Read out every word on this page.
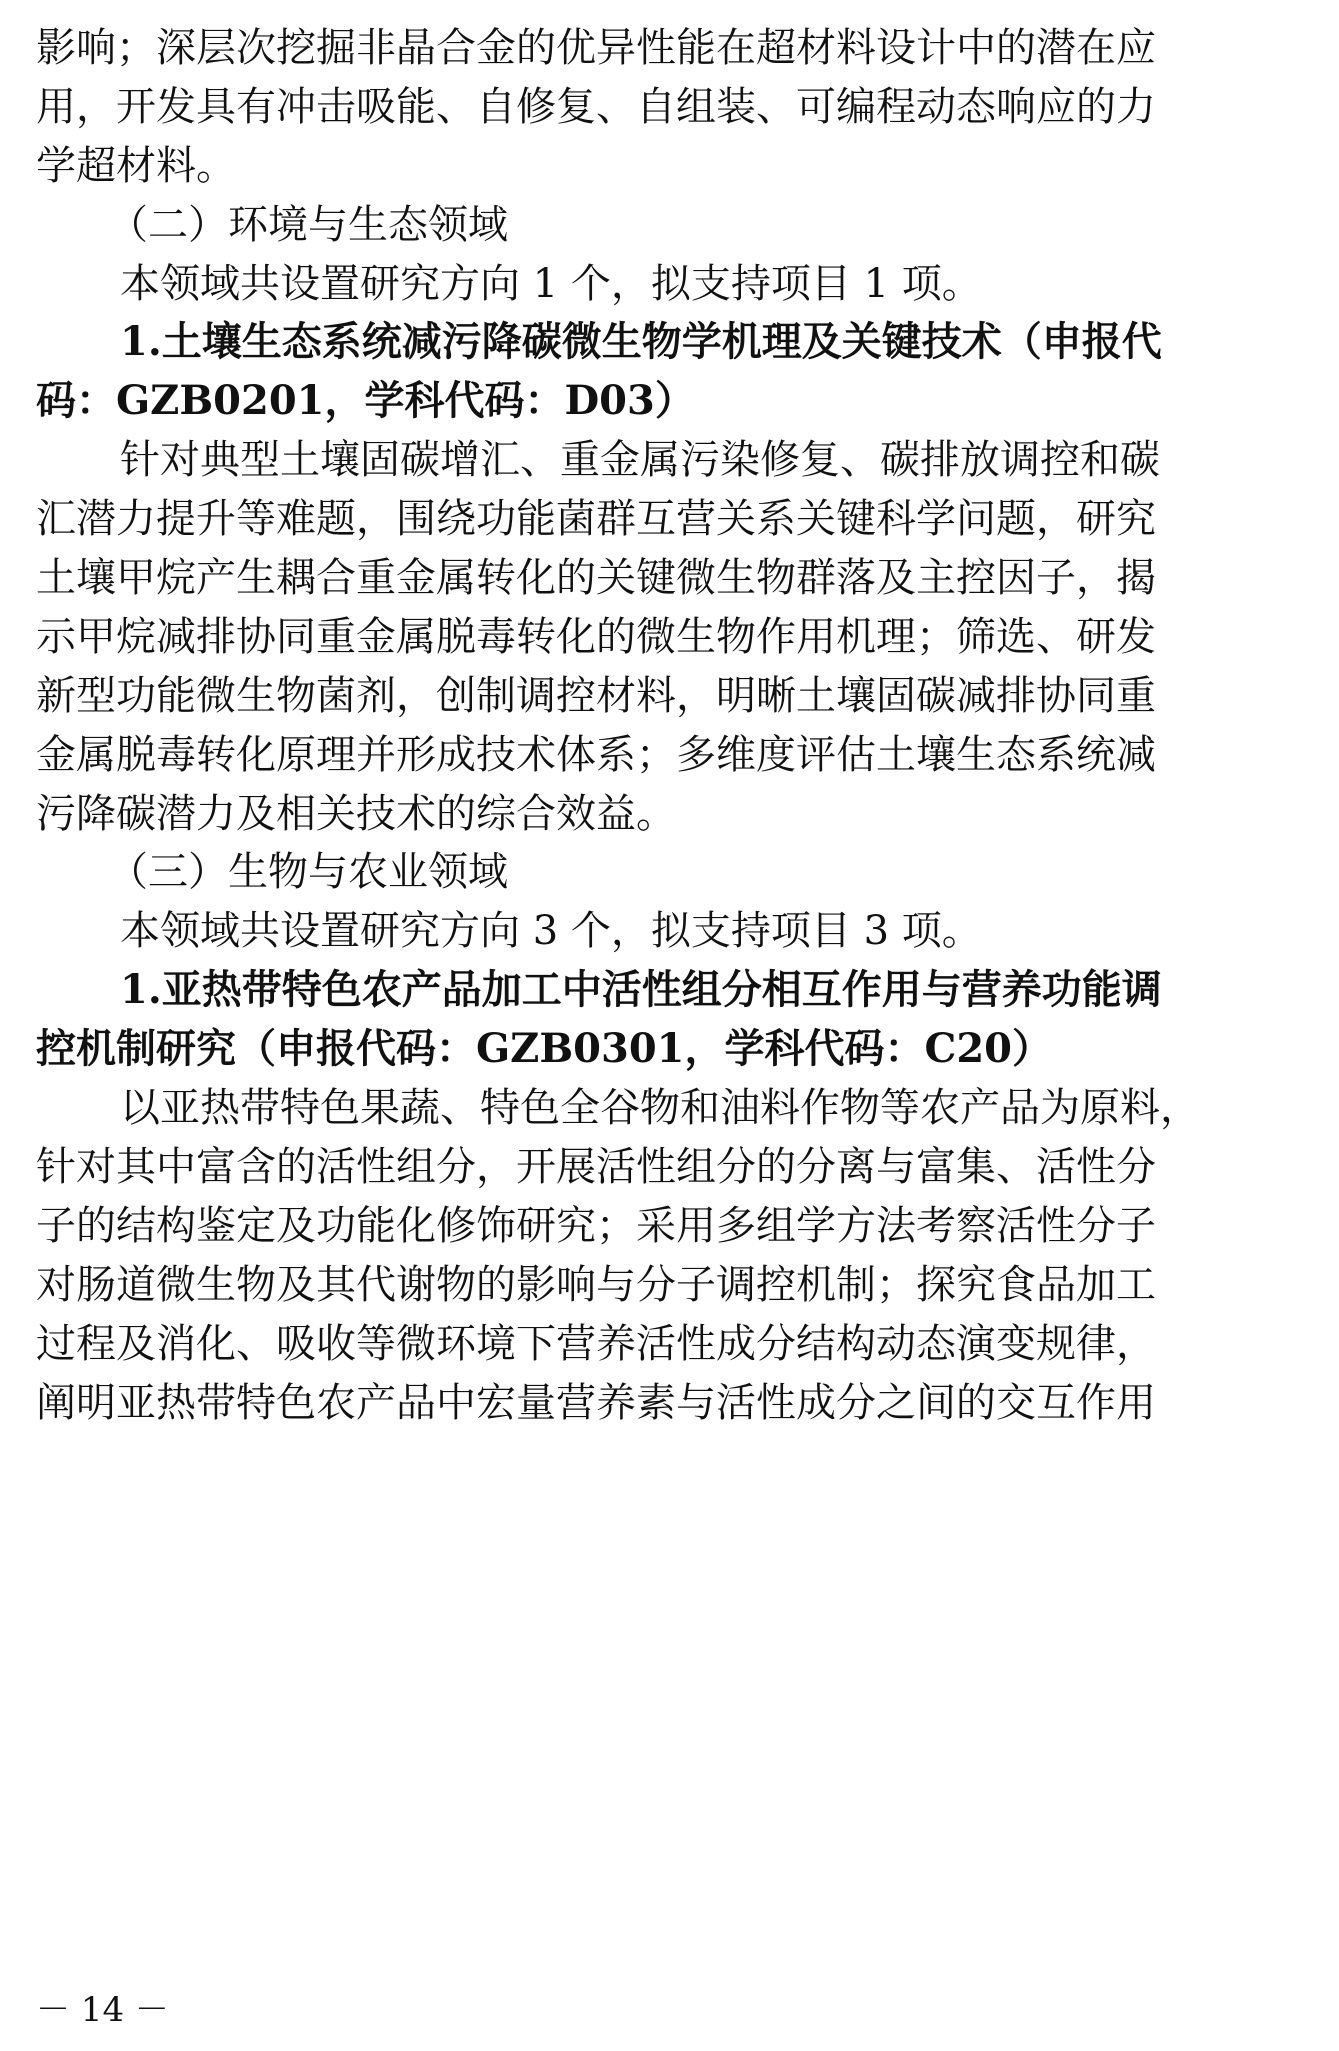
影响；深层次挖掘非晶合金的优异性能在超材料设计中的潜在应
用，开发具有冲击吸能、自修复、自组装、可编程动态响应的力
学超材料。
（二）环境与生态领域
本领域共设置研究方向 1 个，拟支持项目 1 项。
1.土壤生态系统减污降碳微生物学机理及关键技术（申报代
码：GZB0201，学科代码：D03）
针对典型土壤固碳增汇、重金属污染修复、碳排放调控和碳
汇潜力提升等难题，围绕功能菌群互营关系关键科学问题，研究
土壤甲烷产生耦合重金属转化的关键微生物群落及主控因子，揭
示甲烷减排协同重金属脱毒转化的微生物作用机理；筛选、研发
新型功能微生物菌剂，创制调控材料，明晰土壤固碳减排协同重
金属脱毒转化原理并形成技术体系；多维度评估土壤生态系统减
污降碳潜力及相关技术的综合效益。
（三）生物与农业领域
本领域共设置研究方向 3 个，拟支持项目 3 项。
1.亚热带特色农产品加工中活性组分相互作用与营养功能调
控机制研究（申报代码：GZB0301，学科代码：C20）
以亚热带特色果蔬、特色全谷物和油料作物等农产品为原料，
针对其中富含的活性组分，开展活性组分的分离与富集、活性分
子的结构鉴定及功能化修饰研究；采用多组学方法考察活性分子
对肠道微生物及其代谢物的影响与分子调控机制；探究食品加工
过程及消化、吸收等微环境下营养活性成分结构动态演变规律，
阐明亚热带特色农产品中宏量营养素与活性成分之间的交互作用
－ 14 －
